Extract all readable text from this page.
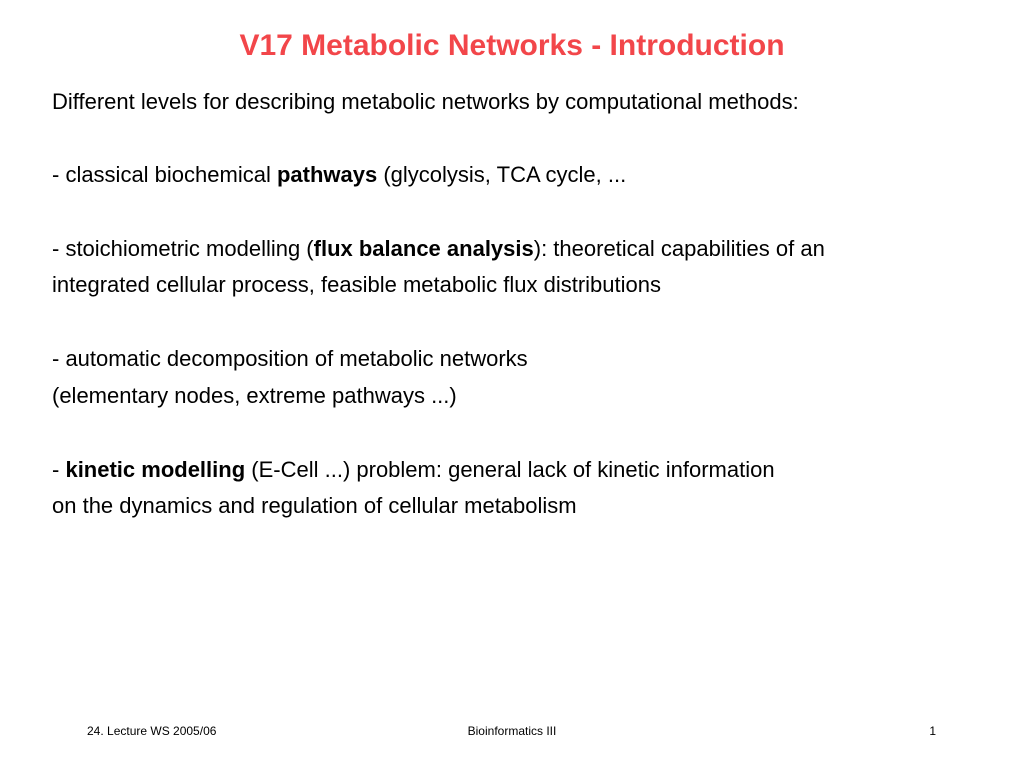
V17 Metabolic Networks - Introduction
Different levels for describing metabolic networks by computational methods:
- classical biochemical pathways (glycolysis, TCA cycle, ...
- stoichiometric modelling (flux balance analysis): theoretical capabilities of an
integrated cellular process, feasible metabolic flux distributions
- automatic decomposition of metabolic networks
(elementary nodes, extreme pathways ...)
- kinetic modelling (E-Cell ...) problem: general lack of kinetic information
on the dynamics and regulation of cellular metabolism
24. Lecture WS 2005/06	Bioinformatics III	1
